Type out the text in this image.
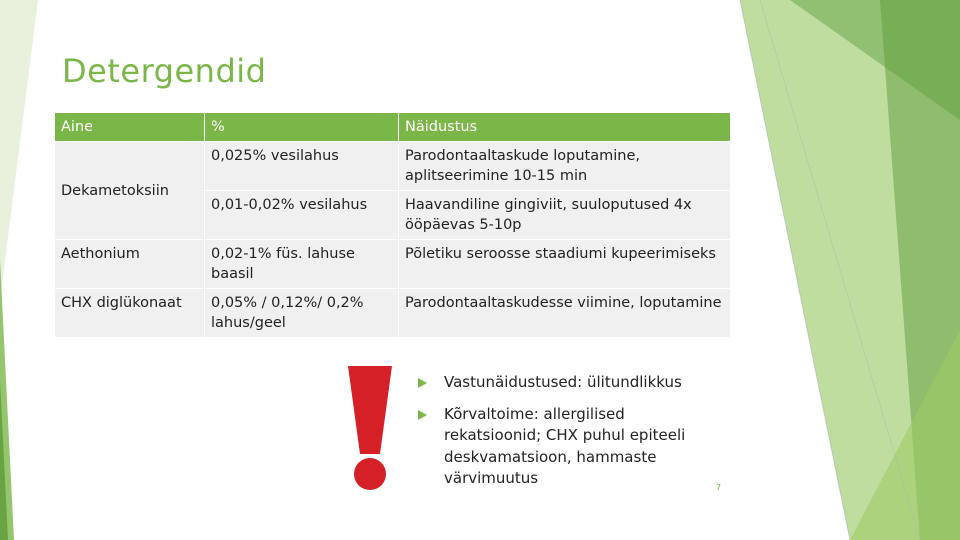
Detergendid
Aine	%	Näidustus
Dekametoksiin	0,025% vesilahus	Parodontaaltaskude loputamine, aplitseerimine 10-15 min
	0,01-0,02% vesilahus	Haavandiline gingiviit, suuloputused 4x ööpäevas 5-10p
Aethonium	0,02-1% füs. lahuse baasil	Põletiku seroosse staadiumi kupeerimiseks
CHX diglükonaat	0,05% / 0,12%/ 0,2% lahus/geel	Parodontaaltaskudesse viimine, loputamine
Vastunäidustused: ülitundlikkus
Kõrvaltoime: allergilised rekatsioonid; CHX puhul epiteeli deskvamatsioon, hammaste värvimuutus
7
